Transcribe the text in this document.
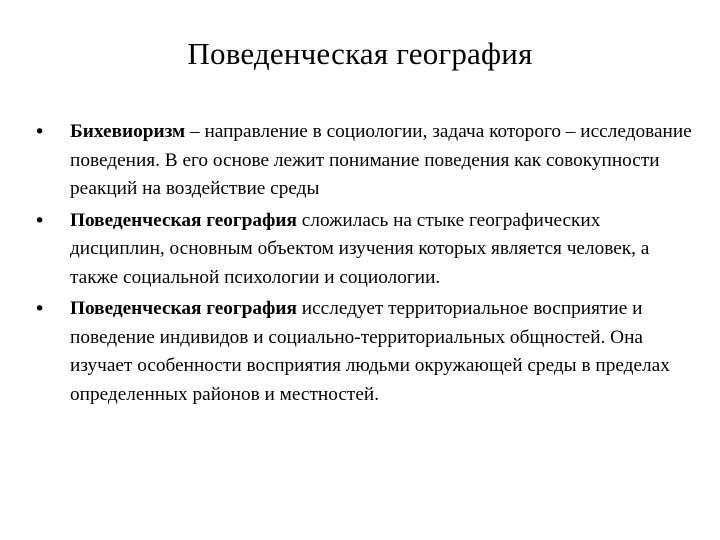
Поведенческая география
•	Бихевиоризм – направление в социологии, задача которого – исследование поведения. В его основе лежит понимание поведения как совокупности реакций на воздействие среды
•	Поведенческая география сложилась на стыке географических дисциплин, основным объектом изучения которых является человек, а также социальной психологии и социологии.
•	Поведенческая география исследует территориальное восприятие и поведение индивидов и социально-территориальных общностей. Она изучает особенности восприятия людьми окружающей среды в пределах определенных районов и местностей.
